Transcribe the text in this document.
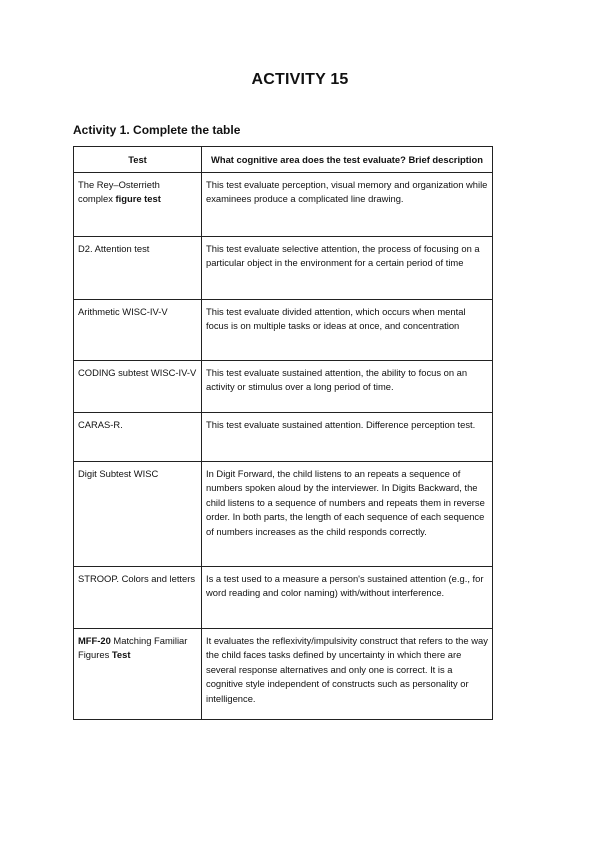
ACTIVITY 15
Activity 1. Complete the table
Test	What cognitive area does the test evaluate? Brief description
The Rey–Osterrieth complex figure test	This test evaluate perception, visual memory and organization while examinees produce a complicated line drawing.
D2. Attention test	This test evaluate selective attention, the process of focusing on a particular object in the environment for a certain period of time
Arithmetic WISC-IV-V	This test evaluate divided attention, which occurs when mental focus is on multiple tasks or ideas at once, and concentration
CODING subtest WISC-IV-V	This test evaluate sustained attention, the ability to focus on an activity or stimulus over a long period of time.
CARAS-R.	This test evaluate sustained attention. Difference perception test.
Digit Subtest WISC	In Digit Forward, the child listens to an repeats a sequence of numbers spoken aloud by the interviewer. In Digits Backward, the child listens to a sequence of numbers and repeats them in reverse order. In both parts, the length of each sequence of each sequence of numbers increases as the child responds correctly.
STROOP. Colors and letters	Is a test used to a measure a person's sustained attention (e.g., for word reading and color naming) with/without interference.
MFF-20 Matching Familiar Figures Test	It evaluates the reflexivity/impulsivity construct that refers to the way the child faces tasks defined by uncertainty in which there are several response alternatives and only one is correct. It is a cognitive style independent of constructs such as personality or intelligence.
